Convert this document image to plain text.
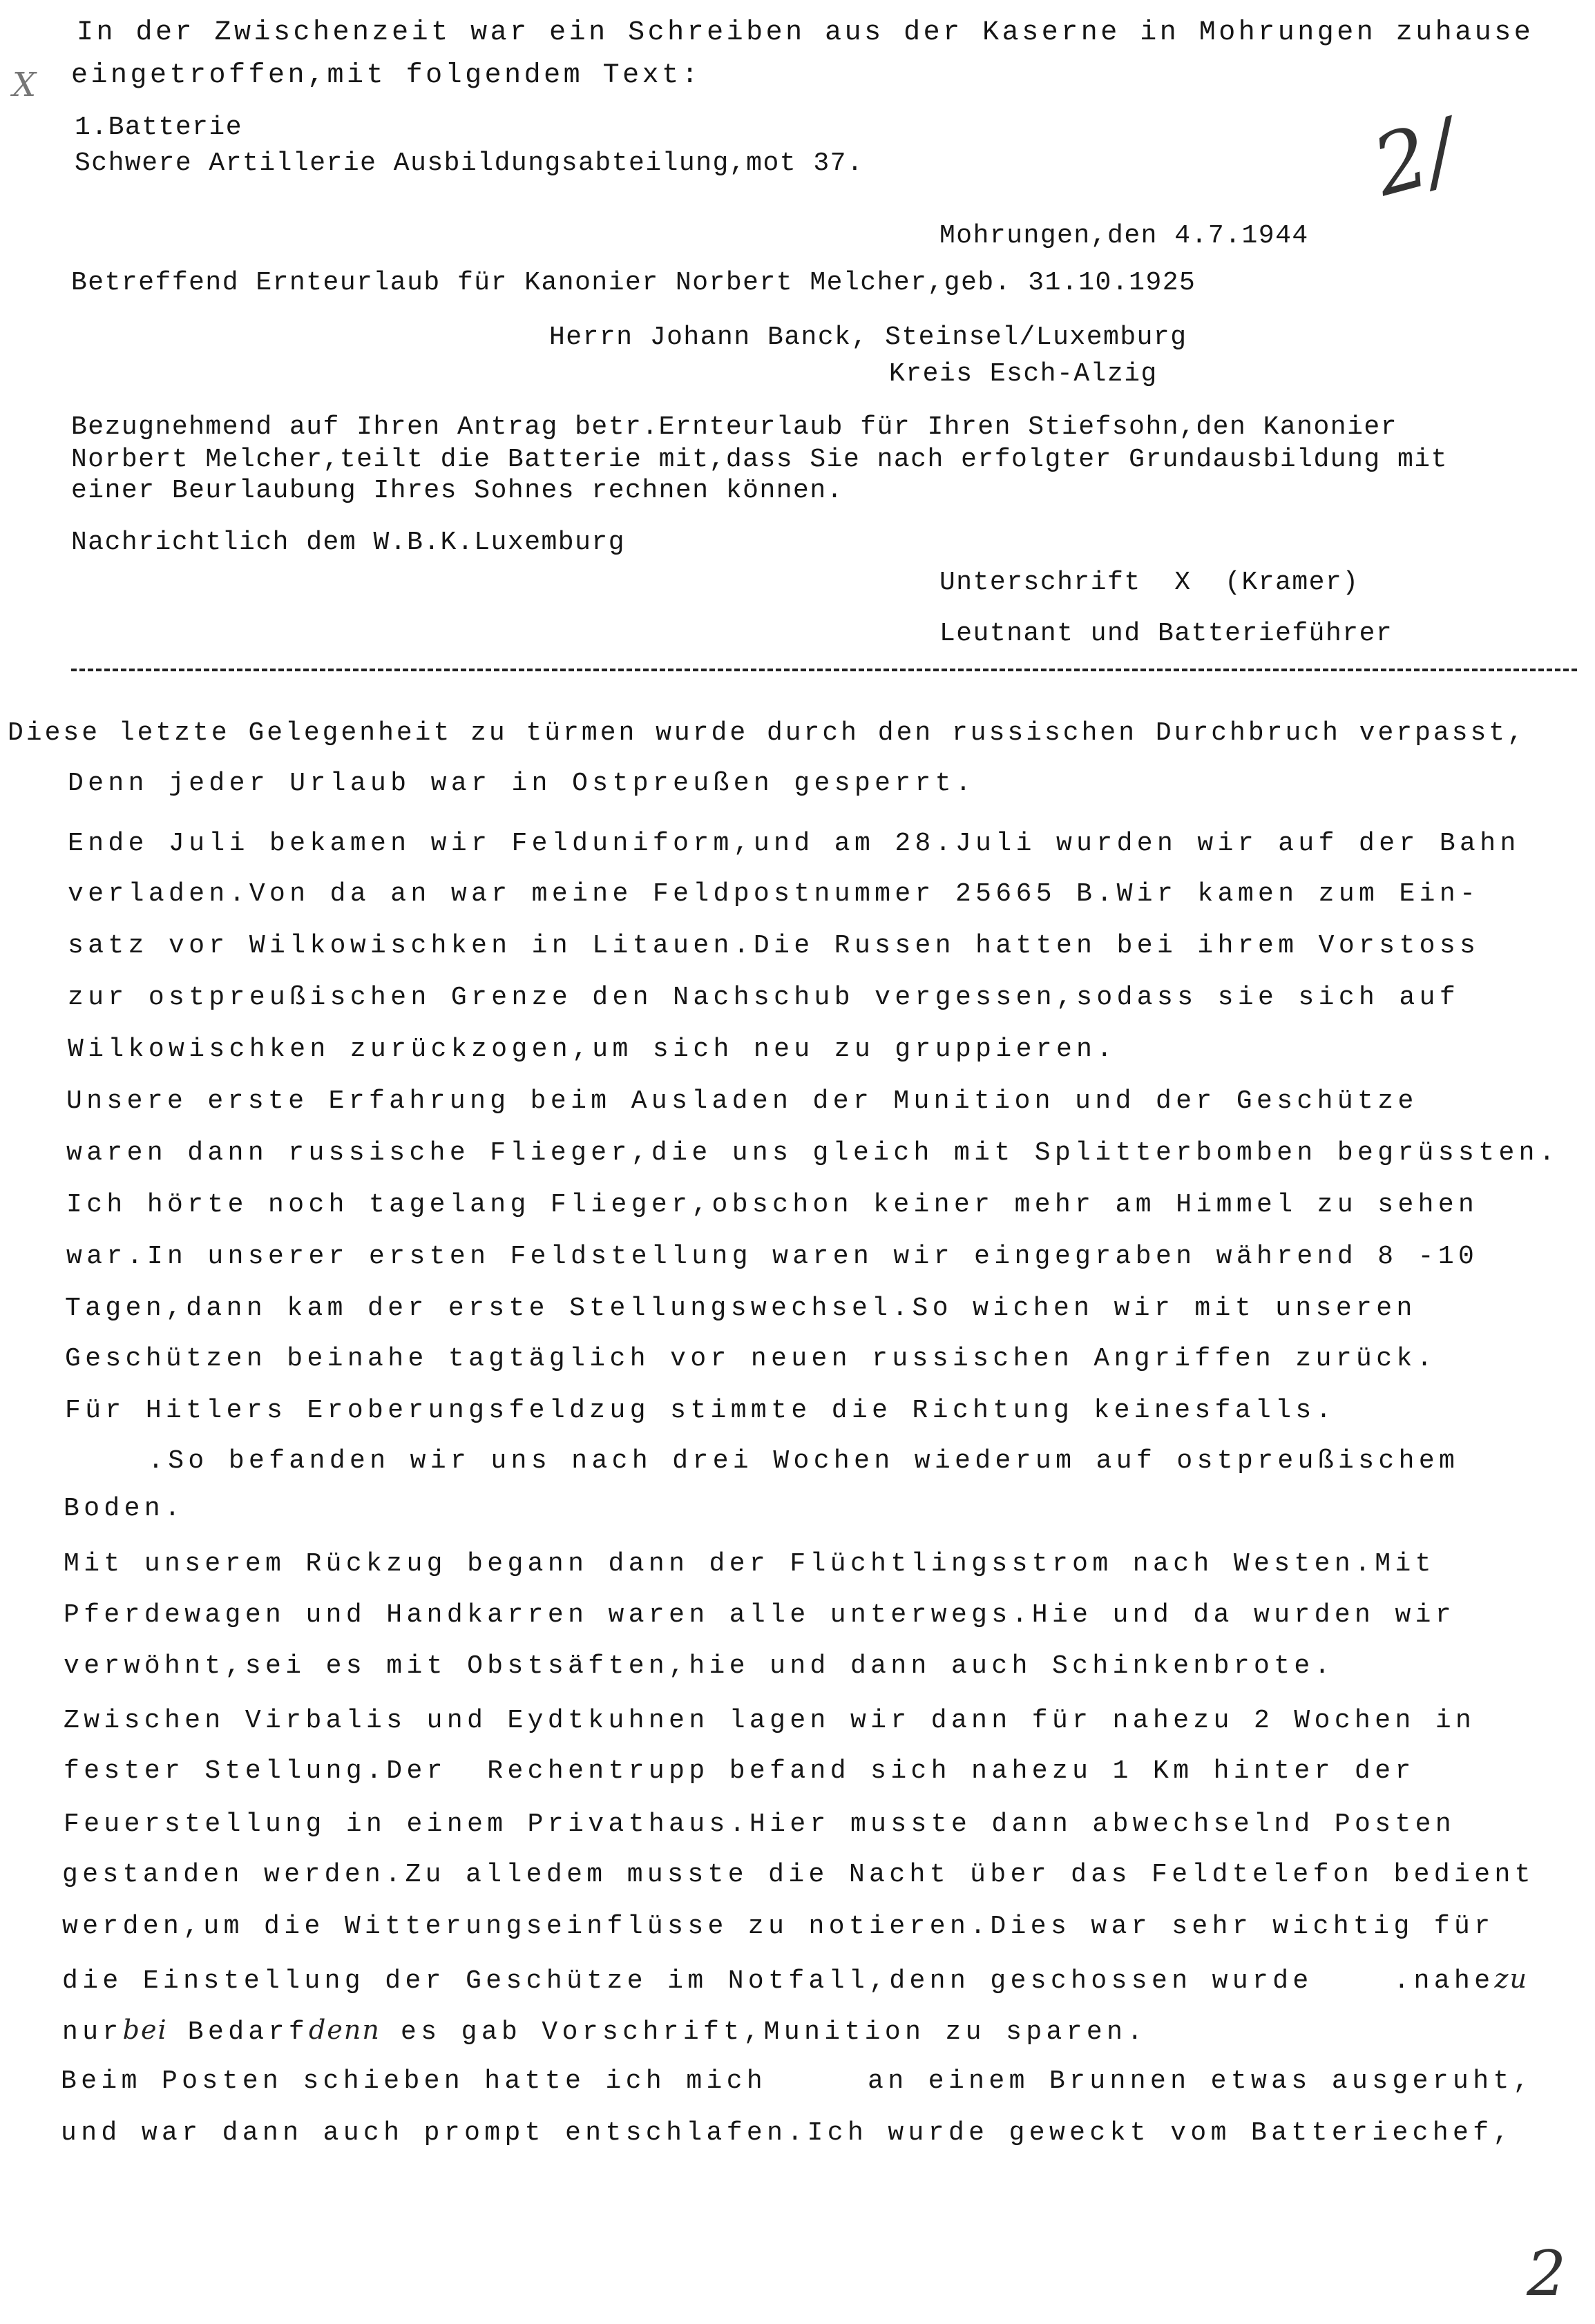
In der Zwischenzeit war ein Schreiben aus der Kaserne in Mohrungen zuhause
eingetroffen,mit folgendem Text:
1.Batterie
Schwere Artillerie Ausbildungsabteilung,mot 37.
Mohrungen,den 4.7.1944
Betreffend Ernteurlaub für Kanonier Norbert Melcher,geb. 31.10.1925
Herrn Johann Banck, Steinsel/Luxemburg
Kreis Esch-Alzig
Bezugnehmend auf Ihren Antrag betr.Ernteurlaub für Ihren Stiefsohn,den Kanonier
Norbert Melcher,teilt die Batterie mit,dass Sie nach erfolgter Grundausbildung mit
einer Beurlaubung Ihres Sohnes rechnen können.
Nachrichtlich dem W.B.K.Luxemburg
Unterschrift  X  (Kramer)
Leutnant und Batterieführer
Diese letzte Gelegenheit zu türmen wurde durch den russischen Durchbruch verpasst,
Denn jeder Urlaub war in Ostpreußen gesperrt.
Ende Juli bekamen wir Felduniform,und am 28.Juli wurden wir auf der Bahn
verladen.Von da an war meine Feldpostnummer 25665 B.Wir kamen zum Ein-
satz vor Wilkowischken in Litauen.Die Russen hatten bei ihrem Vorstoss
zur ostpreußischen Grenze den Nachschub vergessen,sodass sie sich auf
Wilkowischken zurückzogen,um sich neu zu gruppieren.
Unsere erste Erfahrung beim Ausladen der Munition und der Geschütze
waren dann russische Flieger,die uns gleich mit Splitterbomben begrüssten.
Ich hörte noch tagelang Flieger,obschon keiner mehr am Himmel zu sehen
war.In unserer ersten Feldstellung waren wir eingegraben während 8 -10
Tagen,dann kam der erste Stellungswechsel.So wichen wir mit unseren
Geschützen beinahe tagtäglich vor neuen russischen Angriffen zurück.
Für Hitlers Eroberungsfeldzug stimmte die Richtung keinesfalls.
.So befanden wir uns nach drei Wochen wiederum auf ostpreußischem
Boden.
Mit unserem Rückzug begann dann der Flüchtlingsstrom nach Westen.Mit
Pferdewagen und Handkarren waren alle unterwegs.Hie und da wurden wir
verwöhnt,sei es mit Obstsäften,hie und dann auch Schinkenbrote.
Zwischen Virbalis und Eydtkuhnen lagen wir dann für nahezu 2 Wochen in
fester Stellung.Der  Rechentrupp befand sich nahezu 1 Km hinter der
Feuerstellung in einem Privathaus.Hier musste dann abwechselnd Posten
gestanden werden.Zu alledem musste die Nacht über das Feldtelefon bedient
werden,um die Witterungseinflüsse zu notieren.Dies war sehr wichtig für
die Einstellung der Geschütze im Notfall,denn geschossen wurde    .nahezu
nurbei Bedarfdenn es gab Vorschrift,Munition zu sparen.
Beim Posten schieben hatte ich mich     an einem Brunnen etwas ausgeruht,
und war dann auch prompt entschlafen.Ich wurde geweckt vom Batteriechef,
X
2/
2
